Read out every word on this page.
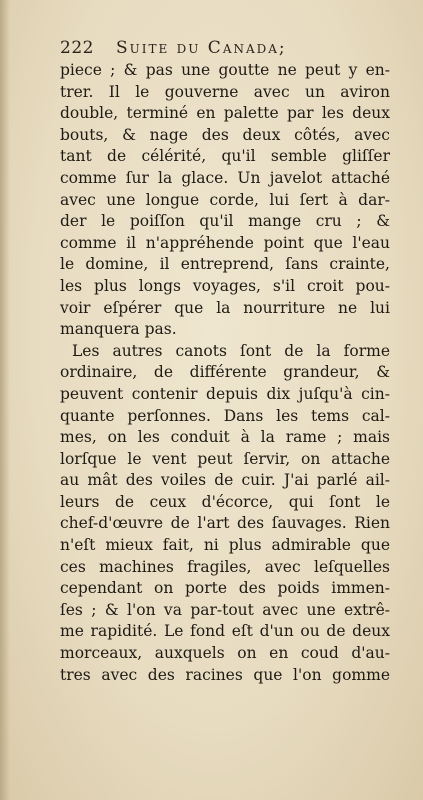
222 Suite du Canada;
piece ; & pas une goutte ne peut y en-
trer. Il le gouverne avec un aviron
double, terminé en palette par les deux
bouts, & nage des deux côtés, avec
tant de célérité, qu'il semble gliſſer
comme ſur la glace. Un javelot attaché
avec une longue corde, lui ſert à dar-
der le poiſſon qu'il mange cru ; &
comme il n'appréhende point que l'eau
le domine, il entreprend, ſans crainte,
les plus longs voyages, s'il croit pou-
voir eſpérer que la nourriture ne lui
manquera pas.
Les autres canots ſont de la forme
ordinaire, de différente grandeur, &
peuvent contenir depuis dix juſqu'à cin-
quante perſonnes. Dans les tems cal-
mes, on les conduit à la rame ; mais
lorſque le vent peut ſervir, on attache
au mât des voiles de cuir. J'ai parlé ail-
leurs de ceux d'écorce, qui ſont le
chef-d'œuvre de l'art des ſauvages. Rien
n'eſt mieux fait, ni plus admirable que
ces machines fragiles, avec leſquelles
cependant on porte des poids immen-
ſes ; & l'on va par-tout avec une extrê-
me rapidité. Le fond eſt d'un ou de deux
morceaux, auxquels on en coud d'au-
tres avec des racines que l'on gomme
